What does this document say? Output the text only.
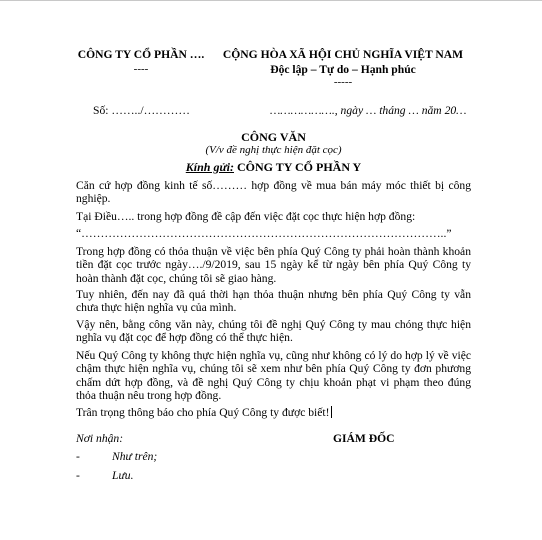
CÔNG TY CỔ PHẦN ….
----
CỘNG HÒA XÃ HỘI CHỦ NGHĨA VIỆT NAM
Độc lập – Tự do – Hạnh phúc
-----
Số: ……../…………	………………., ngày … tháng … năm 20…
CÔNG VĂN
(V/v đề nghị thực hiện đặt cọc)
Kính gửi: CÔNG TY CỔ PHẦN Y
Căn cứ hợp đồng kinh tế số……… hợp đồng về mua bán máy móc thiết bị công nghiệp.
Tại Điều….. trong hợp đồng đề cập đến việc đặt cọc thực hiện hợp đồng:
“…………………………………………………………………………………..”
Trong hợp đồng có thỏa thuận về việc bên phía Quý Công ty phải hoàn thành khoản tiền đặt cọc trước ngày…./9/2019, sau 15 ngày kể từ ngày bên phía Quý Công ty hoàn thành đặt cọc, chúng tôi sẽ giao hàng.
Tuy nhiên, đến nay đã quá thời hạn thỏa thuận nhưng bên phía Quý Công ty vẫn chưa thực hiện nghĩa vụ của mình.
Vậy nên, bằng công văn này, chúng tôi đề nghị Quý Công ty mau chóng thực hiện nghĩa vụ đặt cọc để hợp đồng có thể thực hiện.
Nếu Quý Công ty không thực hiện nghĩa vụ, cũng như không có lý do hợp lý về việc chậm thực hiện nghĩa vụ, chúng tôi sẽ xem như bên phía Quý Công ty đơn phương chấm dứt hợp đồng, và đề nghị Quý Công ty chịu khoản phạt vi phạm theo đúng thỏa thuận nêu trong hợp đồng.
Trân trọng thông báo cho phía Quý Công ty được biết!
Nơi nhận:
-	Như trên;
-	Lưu.
GIÁM ĐỐC
